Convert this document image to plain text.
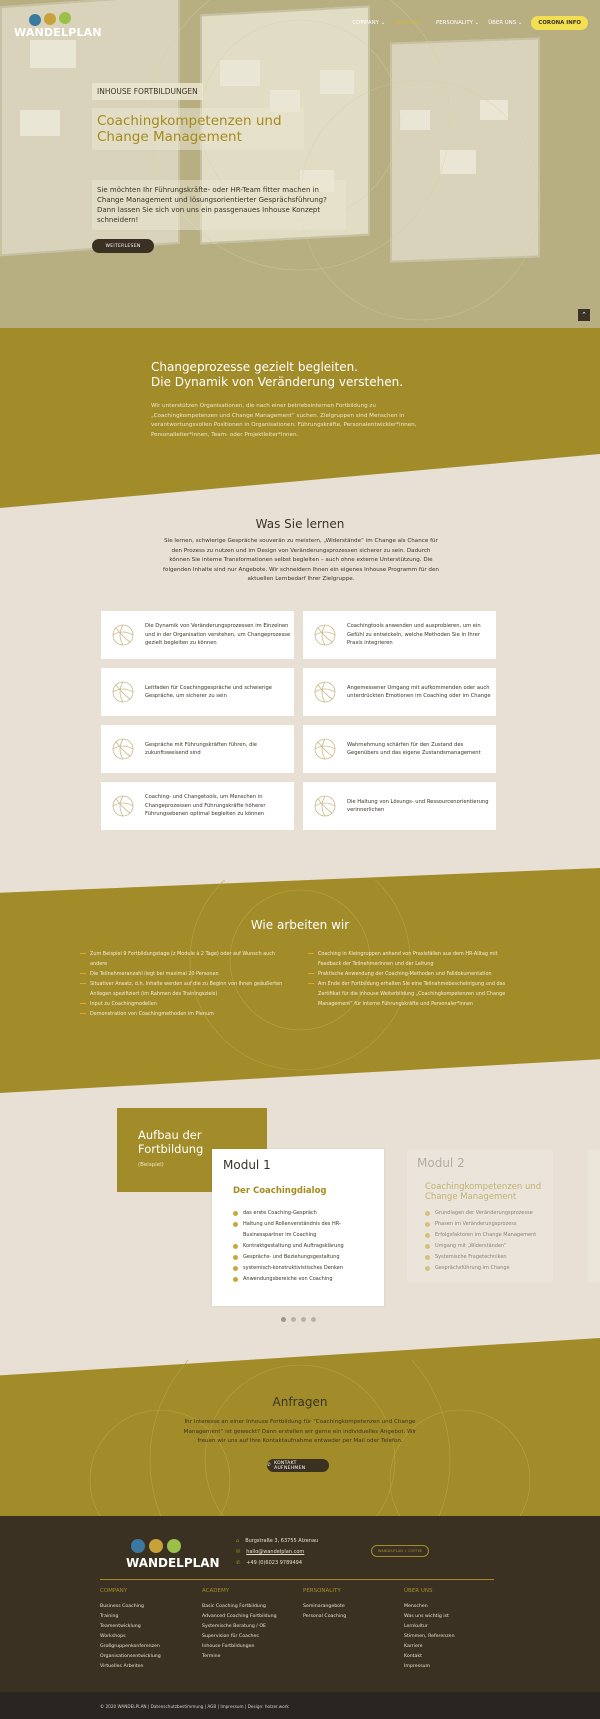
WANDELPLAN
COMPANY ⌄ ACADEMY ⌄ PERSONALITY ⌄ ÜBER UNS ⌄	CORONA INFO
INHOUSE FORTBILDUNGEN
Coachingkompetenzen und Change Management
Sie möchten Ihr Führungskräfte- oder HR-Team fitter machen in Change Management und lösungsorientierter Gesprächsführung? Dann lassen Sie sich von uns ein passgenaues Inhouse Konzept schneidern!
WEITERLESEN
⌃
Changeprozesse gezielt begleiten.
Die Dynamik von Veränderung verstehen.
Wir unterstützen Organisationen, die nach einer betriebsinternen Fortbildung zu „Coachingkompetenzen und Change Management“ suchen. Zielgruppen sind Menschen in verantwortungsvollen Positionen in Organisationen: Führungskräfte, Personalentwickler*innen, Personalleiter*innen, Team- oder Projektleiter*innen.
Was Sie lernen
Sie lernen, schwierige Gespräche souverän zu meistern, „Widerstände“ im Change als Chance für den Prozess zu nutzen und im Design von Veränderungsprozessen sicherer zu sein. Dadurch können Sie interne Transformationen selbst begleiten – auch ohne externe Unterstützung. Die folgenden Inhalte sind nur Angebote. Wir schneidern Ihnen ein eigenes Inhouse Programm für den aktuellen Lernbedarf Ihrer Zielgruppe.
Die Dynamik von Veränderungsprozessen im Einzelnen und in der Organisation verstehen, um Changeprozesse gezielt begleiten zu können
Coachingtools anwenden und ausprobieren, um ein Gefühl zu entwickeln, welche Methoden Sie in Ihrer Praxis integrieren
Leitfaden für Coachinggespräche und schwierige Gespräche, um sicherer zu sein
Angemessener Umgang mit aufkommenden oder auch unterdrückten Emotionen im Coaching oder im Change
Gespräche mit Führungskräften führen, die zukunftsweisend sind
Wahrnehmung schärfen für den Zustand des Gegenübers und das eigene Zustandsmanagement
Coaching- und Changetools, um Menschen in Changeprozessen und Führungskräfte höherer Führungsebenen optimal begleiten zu können
Die Haltung von Lösungs- und Ressourcenorientierung verinnerlichen
Wie arbeiten wir
Zum Beispiel 9 Fortbildungstage (z Module à 2 Tage) oder auf Wunsch auch andere
Die Teilnehmeranzahl liegt bei maximal 20 Personen
Situativer Ansatz, d.h. Inhalte werden auf die zu Beginn von Ihnen geäußerten Anliegen spezifiziert (im Rahmen des Trainingsziels)
Input zu Coachingmodellen
Demonstration von Coachingmethoden im Plenum
Coaching in Kleingruppen anhand von Praxisfällen aus dem HR-Alltag mit Feedback der TeilnehmerInnen und der Leitung
Praktische Anwendung der Coaching-Methoden und Falldokumentation
Am Ende der Fortbildung erhalten Sie eine Teilnahmebescheinigung und das Zertifikat für die Inhouse Weiterbildung „Coachingkompetenzen und Change Management“ für interne Führungskräfte und Personaler*innen
Aufbau der
Fortbildung
(Beispiel)	Modul 1
Der Coachingdialog
das erste Coaching-Gespräch
Haltung und Rollenverständnis des HR-Businesspartner im Coaching
Kontraktgestaltung und Auftragsklärung
Gesprächs- und Beziehungsgestaltung
systemisch-konstruktivistisches Denken
Anwendungsbereiche von Coaching
Modul 2
Coachingkompetenzen und Change Management
Grundlagen der Veränderungsprozesse
Phasen im Veränderungsprozess
Erfolgsfaktoren im Change Management
Umgang mit „Widerständen“
Systemische Fragetechniken
Gesprächsführung im Change
Anfragen
Ihr Interesse an einer Inhouse Fortbildung für “Coachingkompetenzen und Change Management“ ist geweckt? Dann erstellen wir gerne ein individuelles Angebot. Wir freuen wir uns auf Ihre Kontaktaufnahme entweder per Mail oder Telefon.
✆ KONTAKT AUFNEHMEN
WANDELPLAN
⌂ Burgstraße 3, 63755 Alzenau
✉ hallo@wandelplan.com
✆ +49 (0)6023 9789494
WANDELPLAN + COFFEE
COMPANY
Business Coaching
Training
Teamentwicklung
Workshops
Großgruppenkonferenzen
Organisationsentwicklung
Virtuelles Arbeiten
ACADEMY
Basic Coaching Fortbildung
Advanced Coaching Fortbildung
Systemische Beratung / OE
Supervision für Coaches
Inhouse Fortbildungen
Termine
PERSONALITY
Seminarangebote
Personal Coaching
ÜBER UNS
Menschen
Was uns wichtig ist
Lernkultur
Stimmen, Referenzen
Karriere
Kontakt
Impressum
© 2020 WANDELPLAN | Datenschutzbestimmung | AGB | Impressum | Design: holzer.work
